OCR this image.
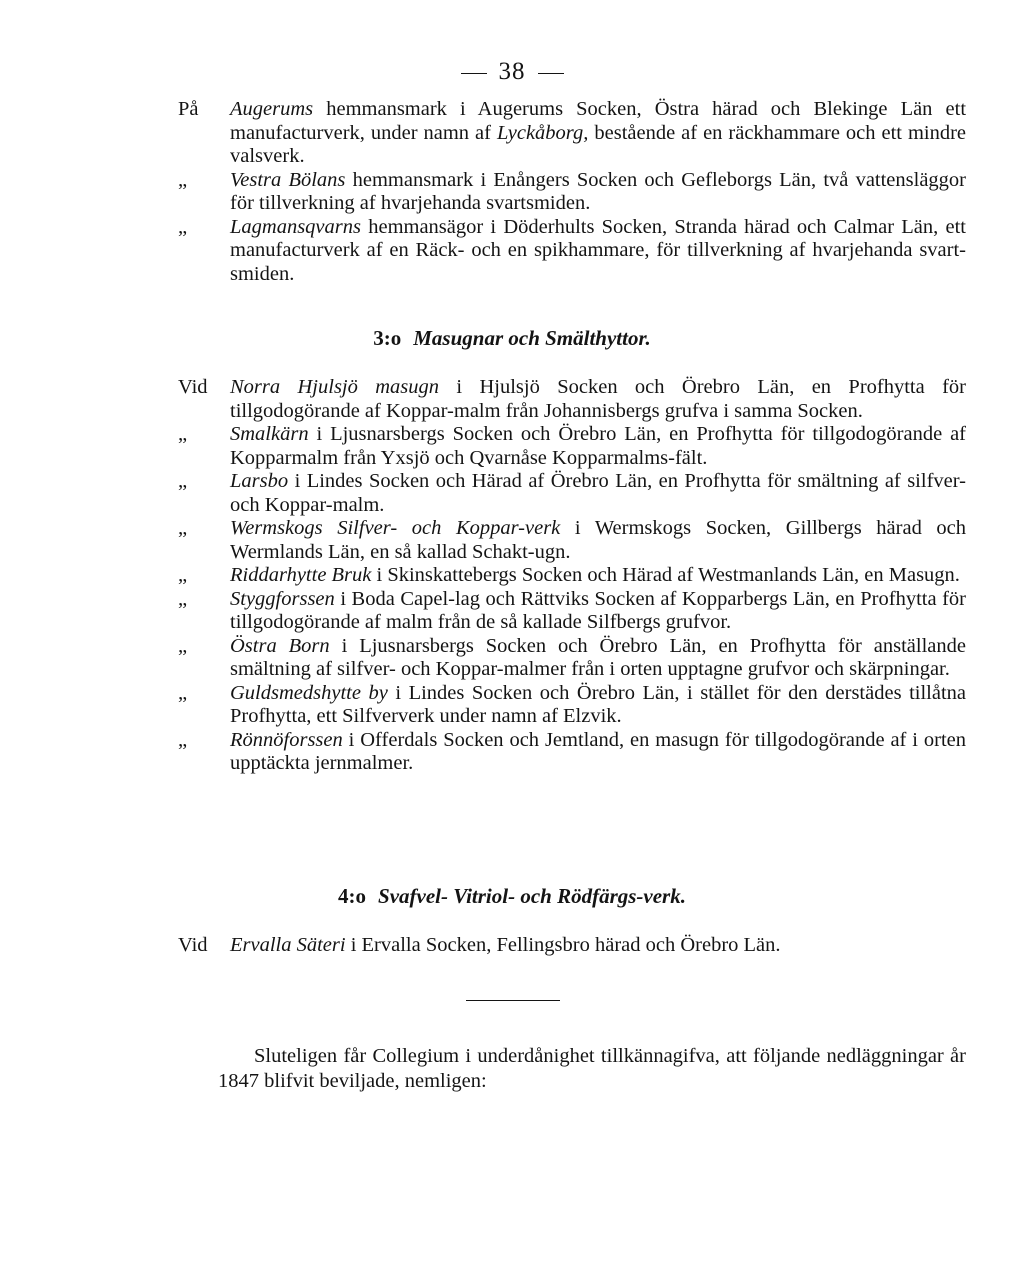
38
På	Augerums hemmansmark i Augerums Socken, Östra härad och Blekinge Län ett manufacturverk, under namn af Lyckåborg, bestående af en räckhammare och ett mindre valsverk.
„	Vestra Bölans hemmansmark i Enångers Socken och Gefleborgs Län, två vattensläggor för tillverkning af hvarjehanda svartsmiden.
„	Lagmansqvarns hemmansägor i Döderhults Socken, Stranda härad och Calmar Län, ett manufacturverk af en Räck- och en spikhammare, för tillverkning af hvarjehanda svart-smiden.
3:o Masugnar och Smälthyttor.
Vid	Norra Hjulsjö masugn i Hjulsjö Socken och Örebro Län, en Profhytta för tillgodogörande af Koppar-malm från Johannisbergs grufva i samma Socken.
„	Smalkärn i Ljusnarsbergs Socken och Örebro Län, en Profhytta för tillgodogörande af Kopparmalm från Yxsjö och Qvarnåse Kopparmalms-fält.
„	Larsbo i Lindes Socken och Härad af Örebro Län, en Profhytta för smältning af silfver- och Koppar-malm.
„	Wermskogs Silfver- och Koppar-verk i Wermskogs Socken, Gillbergs härad och Wermlands Län, en så kallad Schakt-ugn.
„	Riddarhytte Bruk i Skinskattebergs Socken och Härad af Westmanlands Län, en Masugn.
„	Styggforssen i Boda Capel-lag och Rättviks Socken af Kopparbergs Län, en Profhytta för tillgodogörande af malm från de så kallade Silfbergs grufvor.
„	Östra Born i Ljusnarsbergs Socken och Örebro Län, en Profhytta för anställande smältning af silfver- och Koppar-malmer från i orten upptagne grufvor och skärpningar.
„	Guldsmedshytte by i Lindes Socken och Örebro Län, i stället för den derstädes tillåtna Profhytta, ett Silfververk under namn af Elzvik.
„	Rönnöforssen i Offerdals Socken och Jemtland, en masugn för tillgodogörande af i orten upptäckta jernmalmer.
4:o Svafvel- Vitriol- och Rödfärgs-verk.
Vid	Ervalla Säteri i Ervalla Socken, Fellingsbro härad och Örebro Län.
Sluteligen får Collegium i underdånighet tillkännagifva, att följande nedläggningar år 1847 blifvit beviljade, nemligen:
